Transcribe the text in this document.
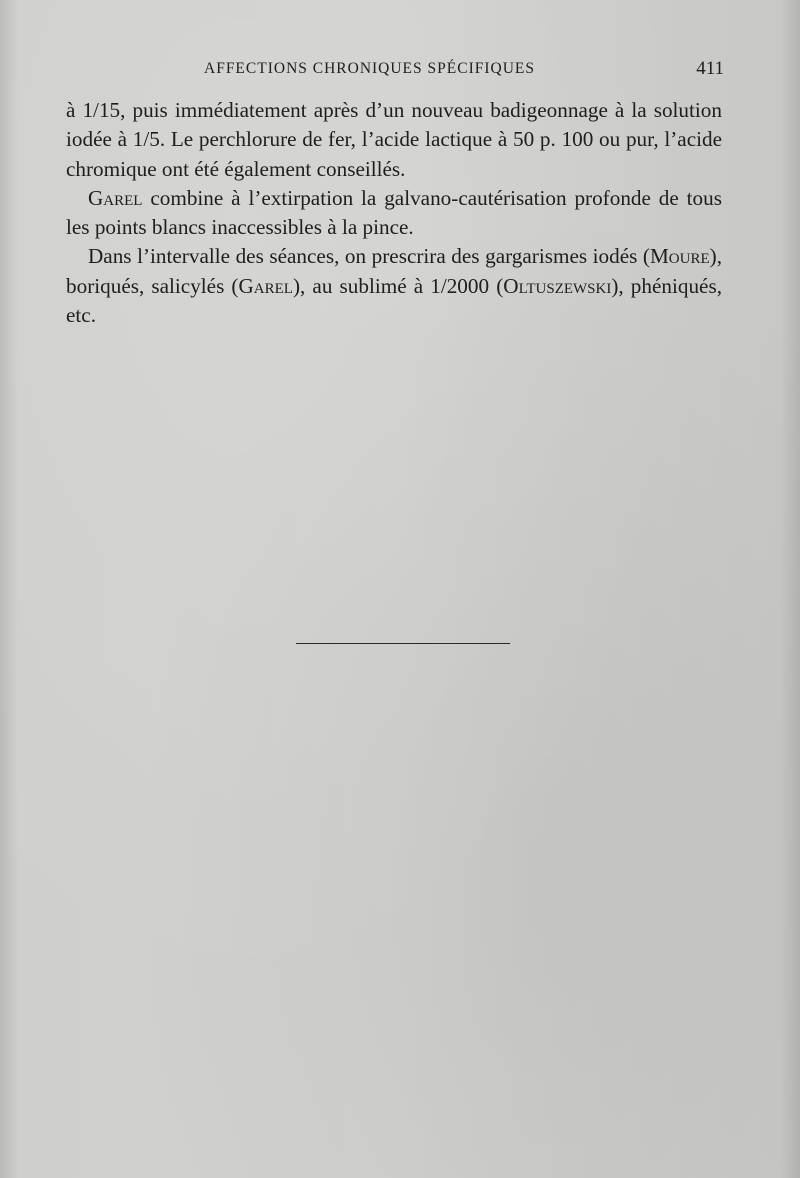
AFFECTIONS CHRONIQUES SPÉCIFIQUES	411

à 1/15, puis immédiatement après d’un nouveau badigeonnage à la solution iodée à 1/5. Le perchlorure de fer, l’acide lactique à 50 p. 100 ou pur, l’acide chromique ont été également conseillés.

Garel combine à l’extirpation la galvano-cautérisation profonde de tous les points blancs inaccessibles à la pince.

Dans l’intervalle des séances, on prescrira des gargarismes iodés (Moure), boriqués, salicylés (Garel), au sublimé à 1/2000 (Oltuszewski), phéniqués, etc.
